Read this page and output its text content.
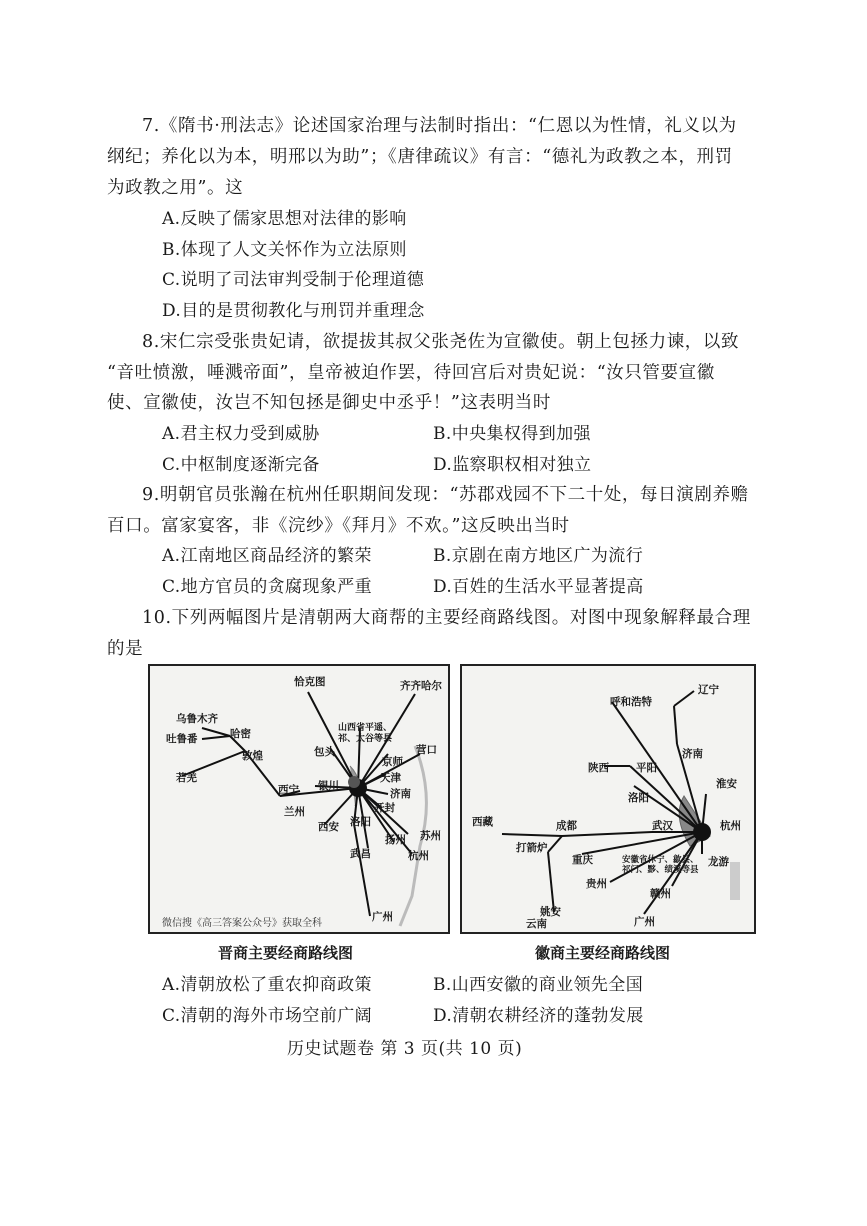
7.《隋书·刑法志》论述国家治理与法制时指出：“仁恩以为性情，礼义以为
纲纪；养化以为本，明邢以为助”；《唐律疏议》有言：“德礼为政教之本，刑罚
为政教之用”。这
A.反映了儒家思想对法律的影响
B.体现了人文关怀作为立法原则
C.说明了司法审判受制于伦理道德
D.目的是贯彻教化与刑罚并重理念
8.宋仁宗受张贵妃请，欲提拔其叔父张尧佐为宣徽使。朝上包拯力谏，以致
“音吐愤激，唾溅帝面”，皇帝被迫作罢，待回宫后对贵妃说：“汝只管要宣徽
使、宣徽使，汝岂不知包拯是御史中丞乎！”这表明当时
A.君主权力受到威胁	B.中央集权得到加强
C.中枢制度逐渐完备	D.监察职权相对独立
9.明朝官员张瀚在杭州任职期间发现：“苏郡戏园不下二十处，每日演剧养赡
百口。富家宴客，非《浣纱》《拜月》不欢。”这反映出当时
A.江南地区商品经济的繁荣	B.京剧在南方地区广为流行
C.地方官员的贪腐现象严重	D.百姓的生活水平显著提高
10.下列两幅图片是清朝两大商帮的主要经商路线图。对图中现象解释最合理
的是
恰克图	齐齐哈尔
乌鲁木齐
吐鲁番	哈密	山西省平遥、
祁、太谷等县
敦煌	包头	营口
京师
若羌
银川
天津
西宁	济南
兰州	开封
西安 洛阳
扬州 苏州
杭州
武昌
广州
微信搜《高三答案公众号》获取全科
晋商主要经商路线图
辽宁
呼和浩特
济南
陕西	平阳
淮安
洛阳
西藏	成都	武汉	杭州
打箭炉
重庆	安徽省休宁、歙县、
祁门、黟、绩溪等县
龙游
贵州
赣州
姚安
云南	广州
徽商主要经商路线图
A.清朝放松了重农抑商政策	B.山西安徽的商业领先全国
C.清朝的海外市场空前广阔	D.清朝农耕经济的蓬勃发展
历史试题卷 第 3 页(共 10 页)
